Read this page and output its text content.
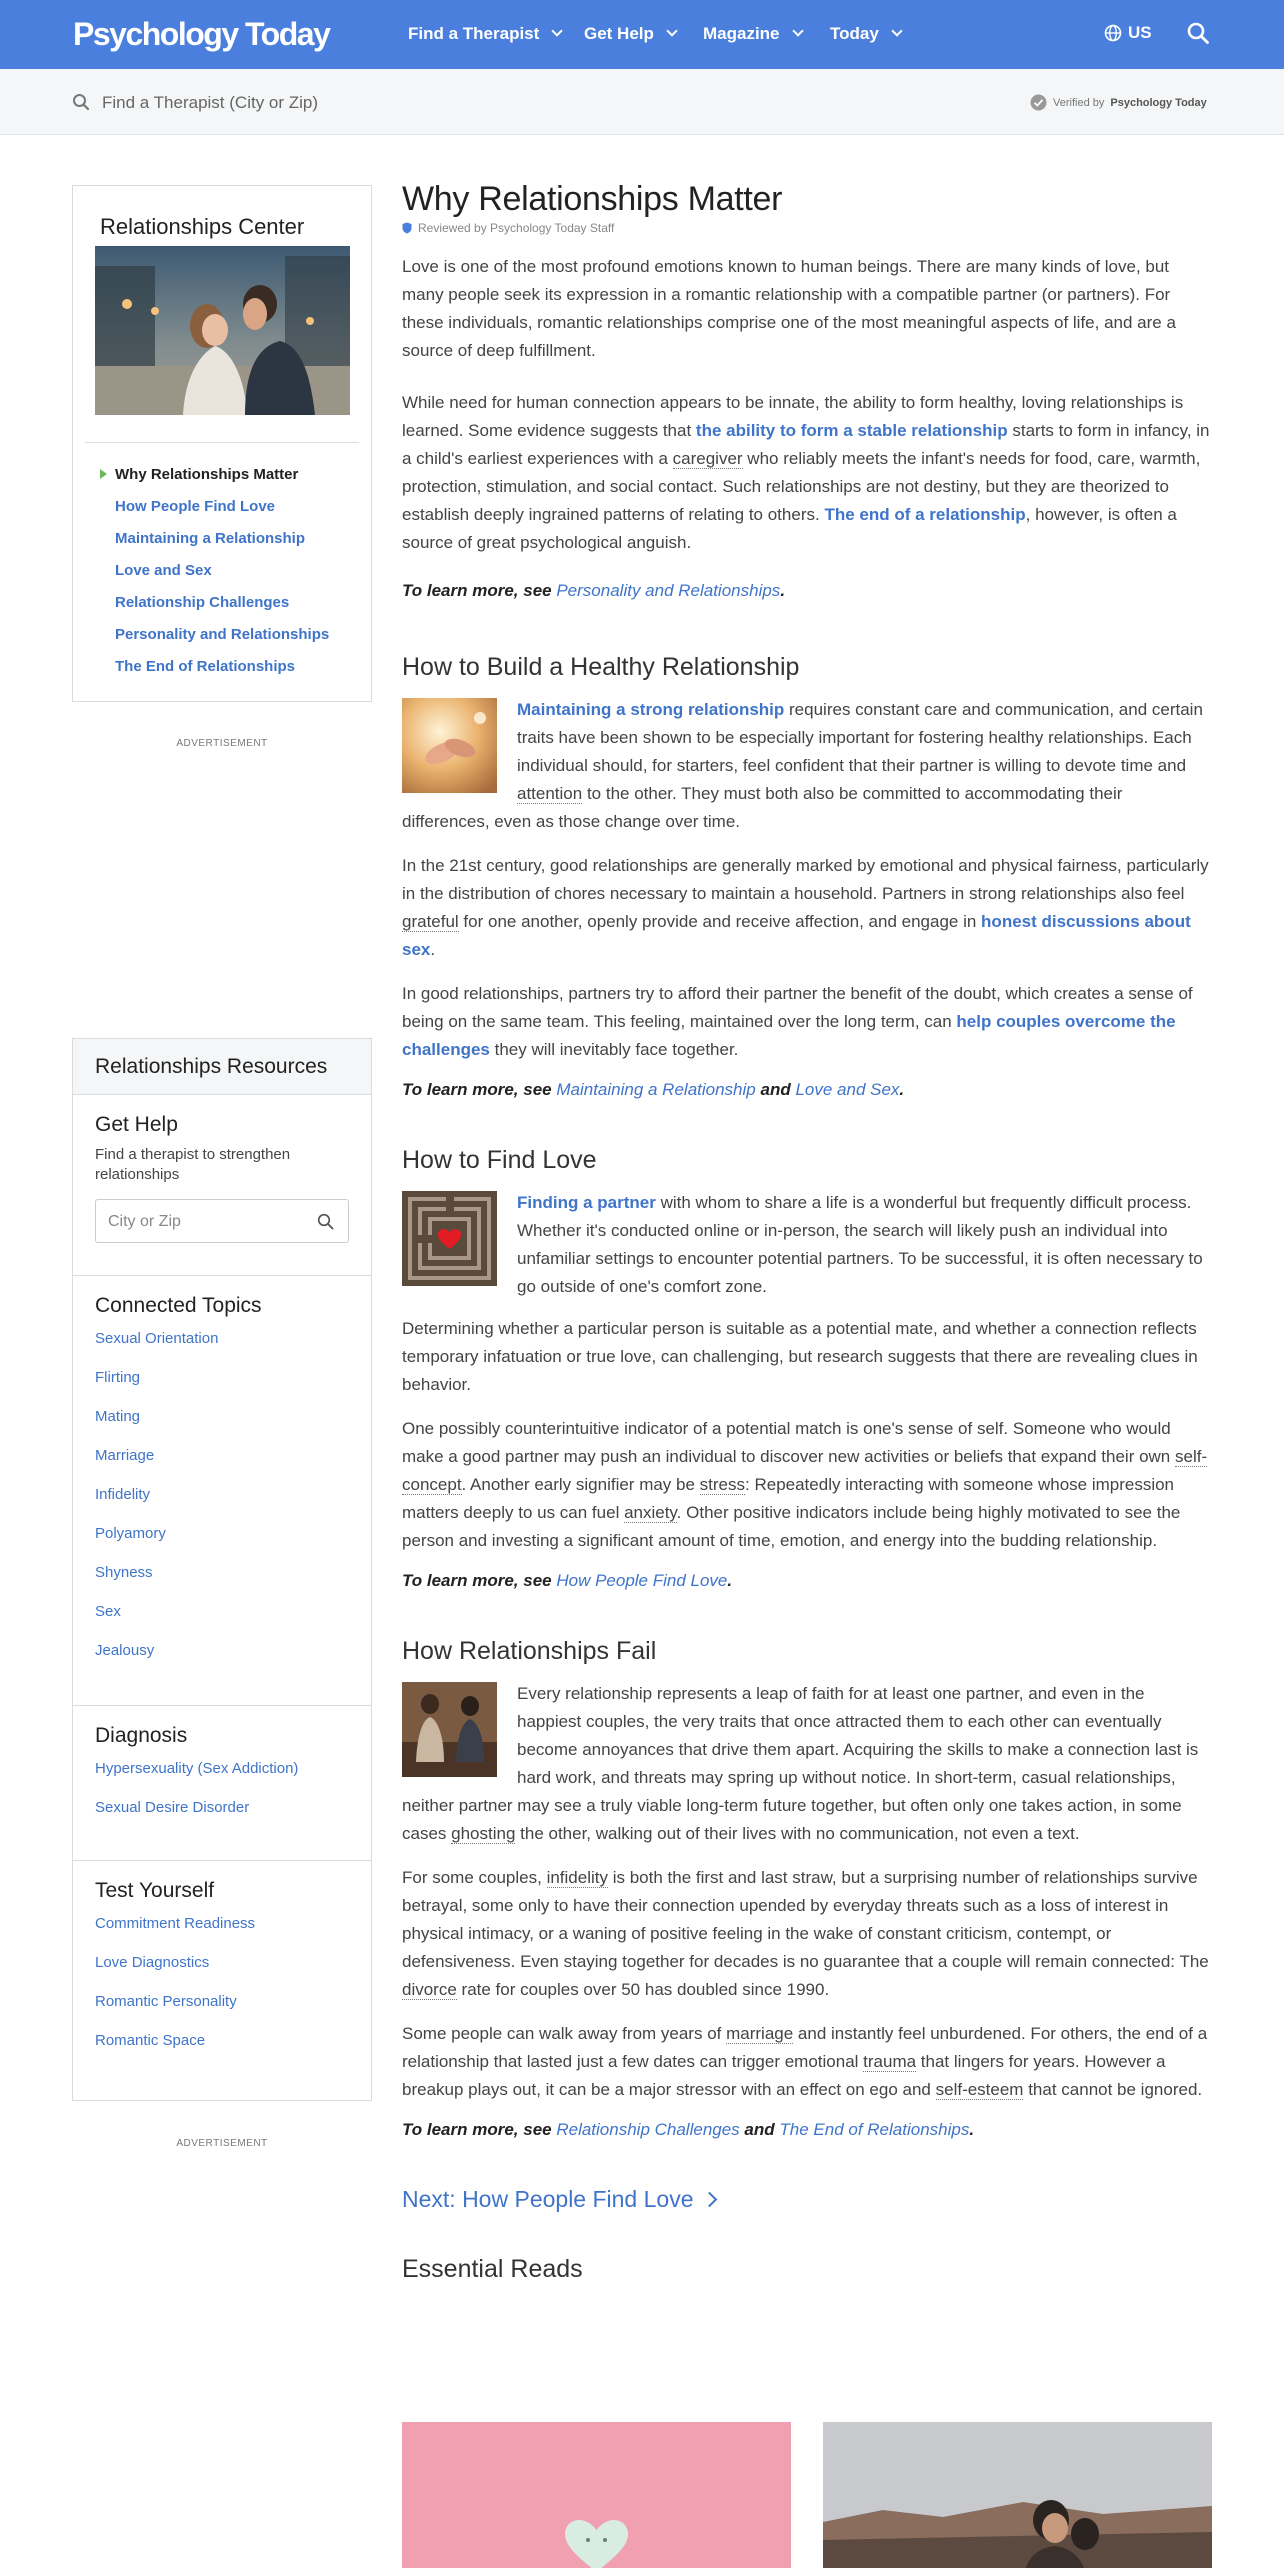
Psychology Today	Find a Therapist	Get Help	Magazine	Today	US
Find a Therapist (City or Zip)	Verified by Psychology Today
Relationships Center
Why Relationships Matter
How People Find Love
Maintaining a Relationship
Love and Sex
Relationship Challenges
Personality and Relationships
The End of Relationships
ADVERTISEMENT
Relationships Resources
Get Help

Find a therapist to strengthen relationships

City or Zip
Connected Topics
Sexual Orientation
Flirting
Mating
Marriage
Infidelity
Polyamory
Shyness
Sex
Jealousy
Diagnosis
Hypersexuality (Sex Addiction)
Sexual Desire Disorder
Test Yourself
Commitment Readiness
Love Diagnostics
Romantic Personality
Romantic Space
ADVERTISEMENT
Why Relationships Matter
Reviewed by Psychology Today Staff

Love is one of the most profound emotions known to human beings. There are many kinds of love, but many people seek its expression in a romantic relationship with a compatible partner (or partners). For these individuals, romantic relationships comprise one of the most meaningful aspects of life, and are a source of deep fulfillment.

While need for human connection appears to be innate, the ability to form healthy, loving relationships is learned. Some evidence suggests that the ability to form a stable relationship starts to form in infancy, in a child's earliest experiences with a caregiver who reliably meets the infant's needs for food, care, warmth, protection, stimulation, and social contact. Such relationships are not destiny, but they are theorized to establish deeply ingrained patterns of relating to others. The end of a relationship, however, is often a source of great psychological anguish.

To learn more, see Personality and Relationships.

How to Build a Healthy Relationship

Maintaining a strong relationship requires constant care and communication, and certain traits have been shown to be especially important for fostering healthy relationships. Each individual should, for starters, feel confident that their partner is willing to devote time and attention to the other. They must both also be committed to accommodating their differences, even as those change over time.

In the 21st century, good relationships are generally marked by emotional and physical fairness, particularly in the distribution of chores necessary to maintain a household. Partners in strong relationships also feel grateful for one another, openly provide and receive affection, and engage in honest discussions about sex.

In good relationships, partners try to afford their partner the benefit of the doubt, which creates a sense of being on the same team. This feeling, maintained over the long term, can help couples overcome the challenges they will inevitably face together.

To learn more, see Maintaining a Relationship and Love and Sex.

How to Find Love

Finding a partner with whom to share a life is a wonderful but frequently difficult process. Whether it's conducted online or in-person, the search will likely push an individual into unfamiliar settings to encounter potential partners. To be successful, it is often necessary to go outside of one's comfort zone.

Determining whether a particular person is suitable as a potential mate, and whether a connection reflects temporary infatuation or true love, can challenging, but research suggests that there are revealing clues in behavior.

One possibly counterintuitive indicator of a potential match is one's sense of self. Someone who would make a good partner may push an individual to discover new activities or beliefs that expand their own self-concept. Another early signifier may be stress: Repeatedly interacting with someone whose impression matters deeply to us can fuel anxiety. Other positive indicators include being highly motivated to see the person and investing a significant amount of time, emotion, and energy into the budding relationship.

To learn more, see How People Find Love.

How Relationships Fail

Every relationship represents a leap of faith for at least one partner, and even in the happiest couples, the very traits that once attracted them to each other can eventually become annoyances that drive them apart. Acquiring the skills to make a connection last is hard work, and threats may spring up without notice. In short-term, casual relationships, neither partner may see a truly viable long-term future together, but often only one takes action, in some cases ghosting the other, walking out of their lives with no communication, not even a text.

For some couples, infidelity is both the first and last straw, but a surprising number of relationships survive betrayal, some only to have their connection upended by everyday threats such as a loss of interest in physical intimacy, or a waning of positive feeling in the wake of constant criticism, contempt, or defensiveness. Even staying together for decades is no guarantee that a couple will remain connected: The divorce rate for couples over 50 has doubled since 1990.

Some people can walk away from years of marriage and instantly feel unburdened. For others, the end of a relationship that lasted just a few dates can trigger emotional trauma that lingers for years. However a breakup plays out, it can be a major stressor with an effect on ego and self-esteem that cannot be ignored.

To learn more, see Relationship Challenges and The End of Relationships.

Next: How People Find Love
Essential Reads
